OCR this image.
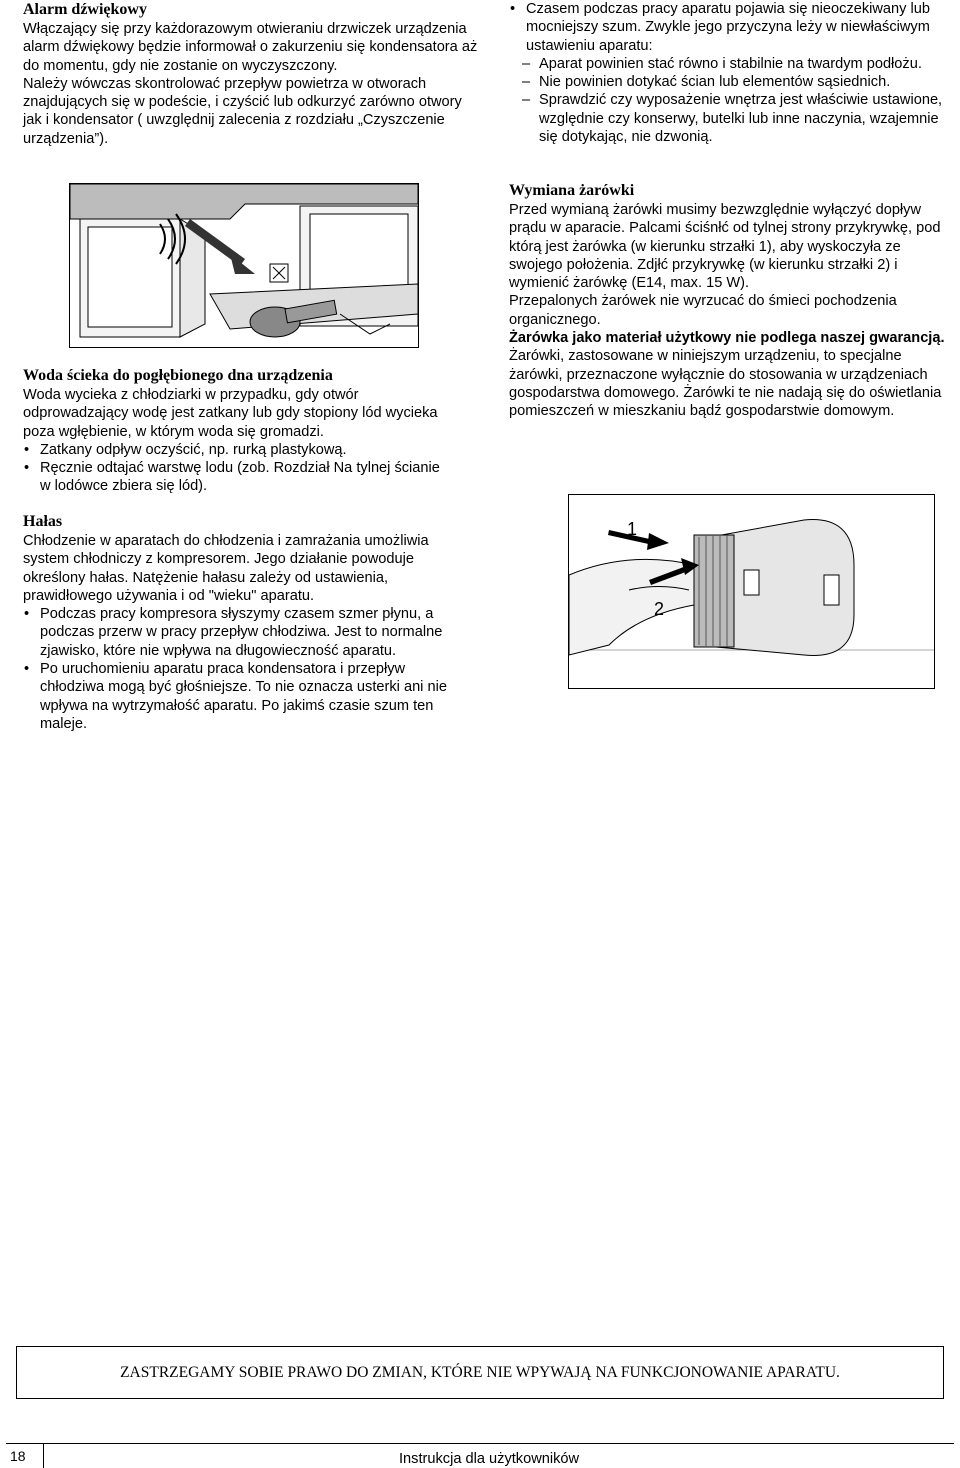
Alarm dźwiękowy

Włączający się przy każdorazowym otwieraniu drzwiczek urządzenia alarm dźwiękowy będzie informował o zakurzeniu się kondensatora aż do momentu, gdy nie zostanie on wyczyszczony.

Należy wówczas skontrolować przepływ powietrza w otworach znajdujących się w podeście, i czyścić lub odkurzyć zarówno otwory jak i kondensator ( uwzględnij zalecenia z rozdziału „Czyszczenie urządzenia”).

Woda ścieka do pogłębionego dna urządzenia

Woda wycieka z chłodziarki w przypadku, gdy otwór odprowadzający wodę jest zatkany lub gdy stopiony lód wycieka poza wgłębienie, w którym woda się gromadzi.

• Zatkany odpływ oczyścić, np. rurką plastykową.
• Ręcznie odtajać warstwę lodu (zob. Rozdział Na tylnej ścianie w lodówce zbiera się lód).
Hałas

Chłodzenie w aparatach do chłodzenia i zamrażania umożliwia system chłodniczy z kompresorem. Jego działanie powoduje określony hałas. Natężenie hałasu zależy od ustawienia, prawidłowego używania i od "wieku" aparatu.

• Podczas pracy kompresora słyszymy czasem szmer płynu, a podczas przerw w pracy przepływ chłodziwa. Jest to normalne zjawisko, które nie wpływa na długowieczność aparatu.
• Po uruchomieniu aparatu praca kondensatora i przepływ chłodziwa mogą być głośniejsze. To nie oznacza usterki ani nie wpływa na wytrzymałość aparatu. Po jakimś czasie szum ten maleje.
• Czasem podczas pracy aparatu pojawia się nieoczekiwany lub mocniejszy szum. Zwykle jego przyczyna leży w niewłaściwym ustawieniu aparatu:
– Aparat powinien stać równo i stabilnie na twardym podłożu.
– Nie powinien dotykać ścian lub elementów sąsiednich.
– Sprawdzić czy wyposażenie wnętrza jest właściwie ustawione, względnie czy konserwy, butelki lub inne naczynia, wzajemnie się dotykając, nie dzwonią.
Wymiana żarówki

Przed wymianą żarówki musimy bezwzględnie wyłączyć dopływ prądu w aparacie. Palcami ściśnłć od tylnej strony przykrywkę, pod którą jest żarówka (w kierunku strzałki 1), aby wyskoczyła ze swojego położenia. Zdjłć przykrywkę (w kierunku strzałki 2) i wymienić żarówkę (E14, max. 15 W).

Przepalonych żarówek nie wyrzucać do śmieci pochodzenia organicznego.

Żarówka jako materiał użytkowy nie podlega naszej gwarancją.

Żarówki, zastosowane w niniejszym urządzeniu, to specjalne żarówki, przeznaczone wyłącznie do stosowania w urządzeniach gospodarstwa domowego. Żarówki te nie nadają się do oświetlania pomieszczeń w mieszkaniu bądź gospodarstwie domowym.

1
2
ZASTRZEGAMY SOBIE PRAWO DO ZMIAN, KTÓRE NIE WPYWAJĄ NA FUNKCJONOWANIE APARATU.
18	Instrukcja dla użytkowników
